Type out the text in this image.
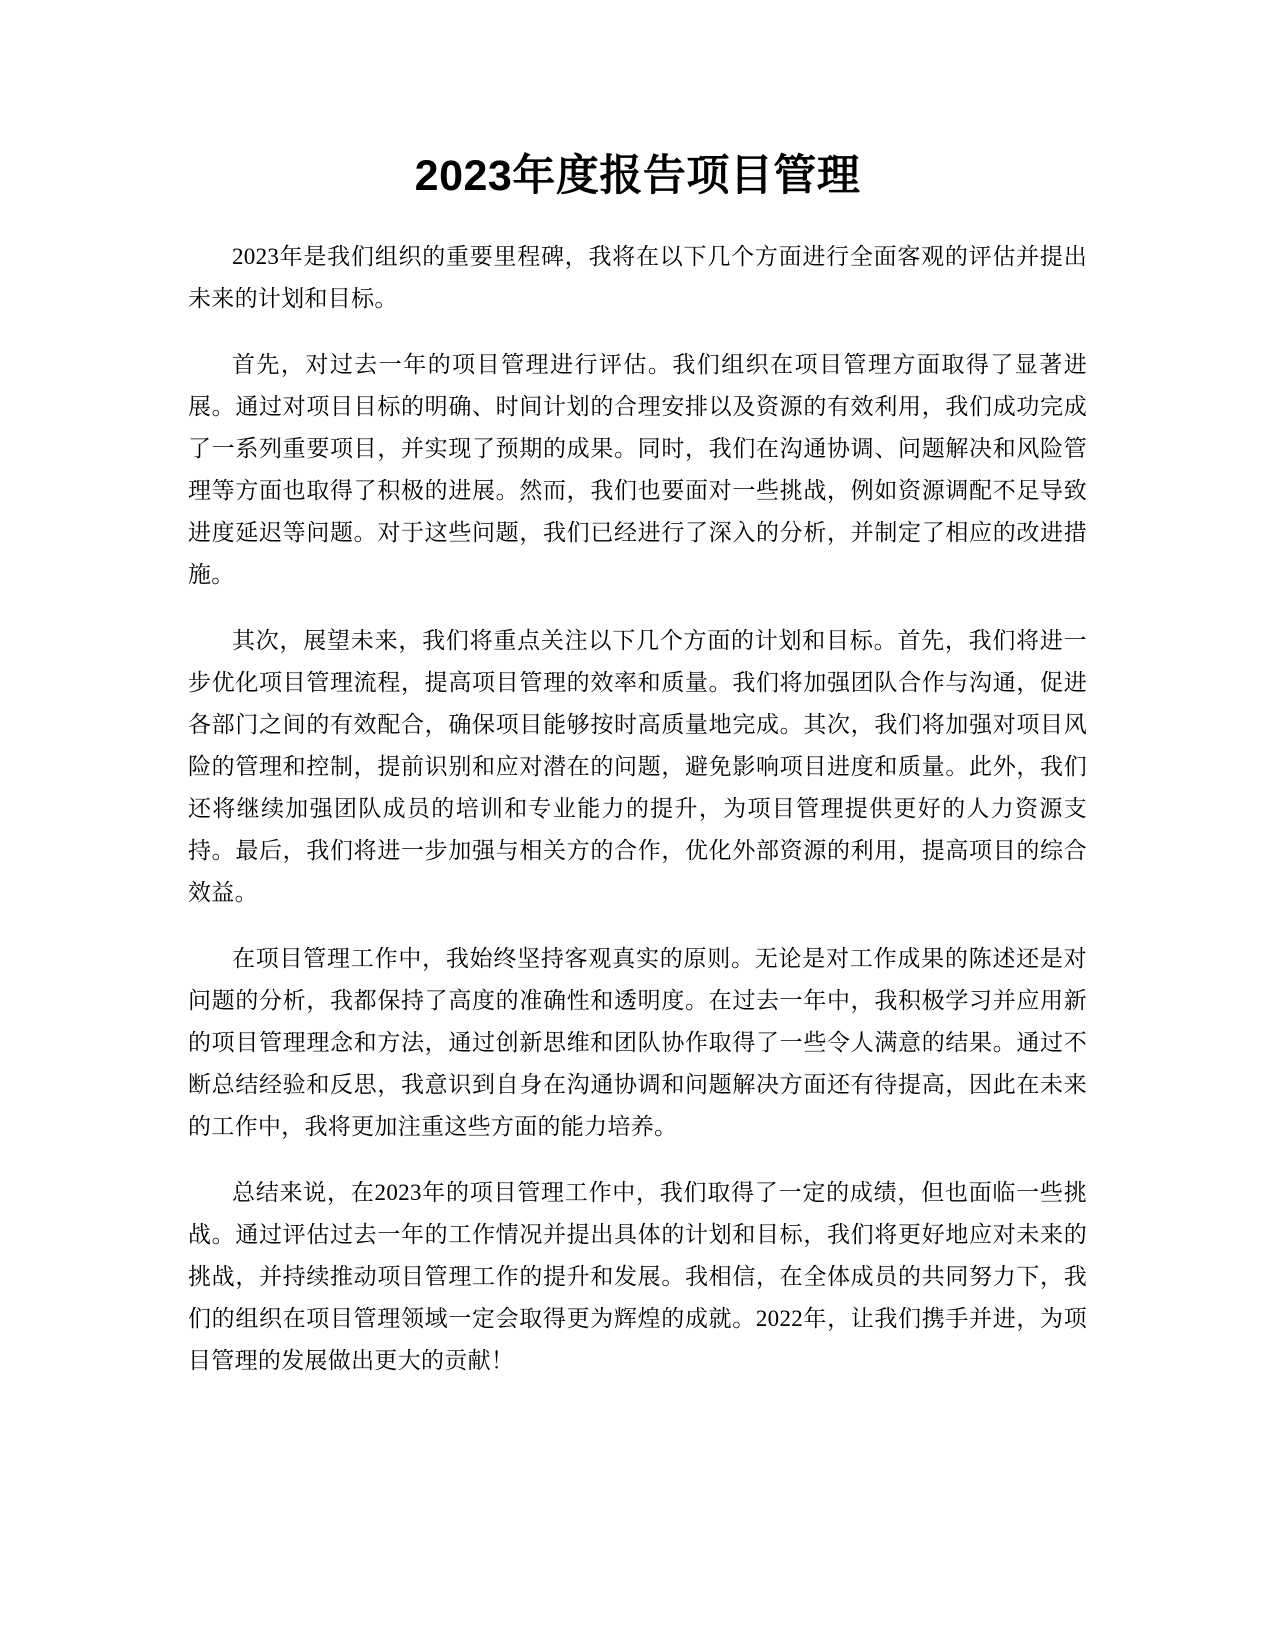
2023年度报告项目管理

2023年是我们组织的重要里程碑，我将在以下几个方面进行全面客观的评估并提出未来的计划和目标。

首先，对过去一年的项目管理进行评估。我们组织在项目管理方面取得了显著进展。通过对项目目标的明确、时间计划的合理安排以及资源的有效利用，我们成功完成了一系列重要项目，并实现了预期的成果。同时，我们在沟通协调、问题解决和风险管理等方面也取得了积极的进展。然而，我们也要面对一些挑战，例如资源调配不足导致进度延迟等问题。对于这些问题，我们已经进行了深入的分析，并制定了相应的改进措施。

其次，展望未来，我们将重点关注以下几个方面的计划和目标。首先，我们将进一步优化项目管理流程，提高项目管理的效率和质量。我们将加强团队合作与沟通，促进各部门之间的有效配合，确保项目能够按时高质量地完成。其次，我们将加强对项目风险的管理和控制，提前识别和应对潜在的问题，避免影响项目进度和质量。此外，我们还将继续加强团队成员的培训和专业能力的提升，为项目管理提供更好的人力资源支持。最后，我们将进一步加强与相关方的合作，优化外部资源的利用，提高项目的综合效益。

在项目管理工作中，我始终坚持客观真实的原则。无论是对工作成果的陈述还是对问题的分析，我都保持了高度的准确性和透明度。在过去一年中，我积极学习并应用新的项目管理理念和方法，通过创新思维和团队协作取得了一些令人满意的结果。通过不断总结经验和反思，我意识到自身在沟通协调和问题解决方面还有待提高，因此在未来的工作中，我将更加注重这些方面的能力培养。

总结来说，在2023年的项目管理工作中，我们取得了一定的成绩，但也面临一些挑战。通过评估过去一年的工作情况并提出具体的计划和目标，我们将更好地应对未来的挑战，并持续推动项目管理工作的提升和发展。我相信，在全体成员的共同努力下，我们的组织在项目管理领域一定会取得更为辉煌的成就。2022年，让我们携手并进，为项目管理的发展做出更大的贡献！
